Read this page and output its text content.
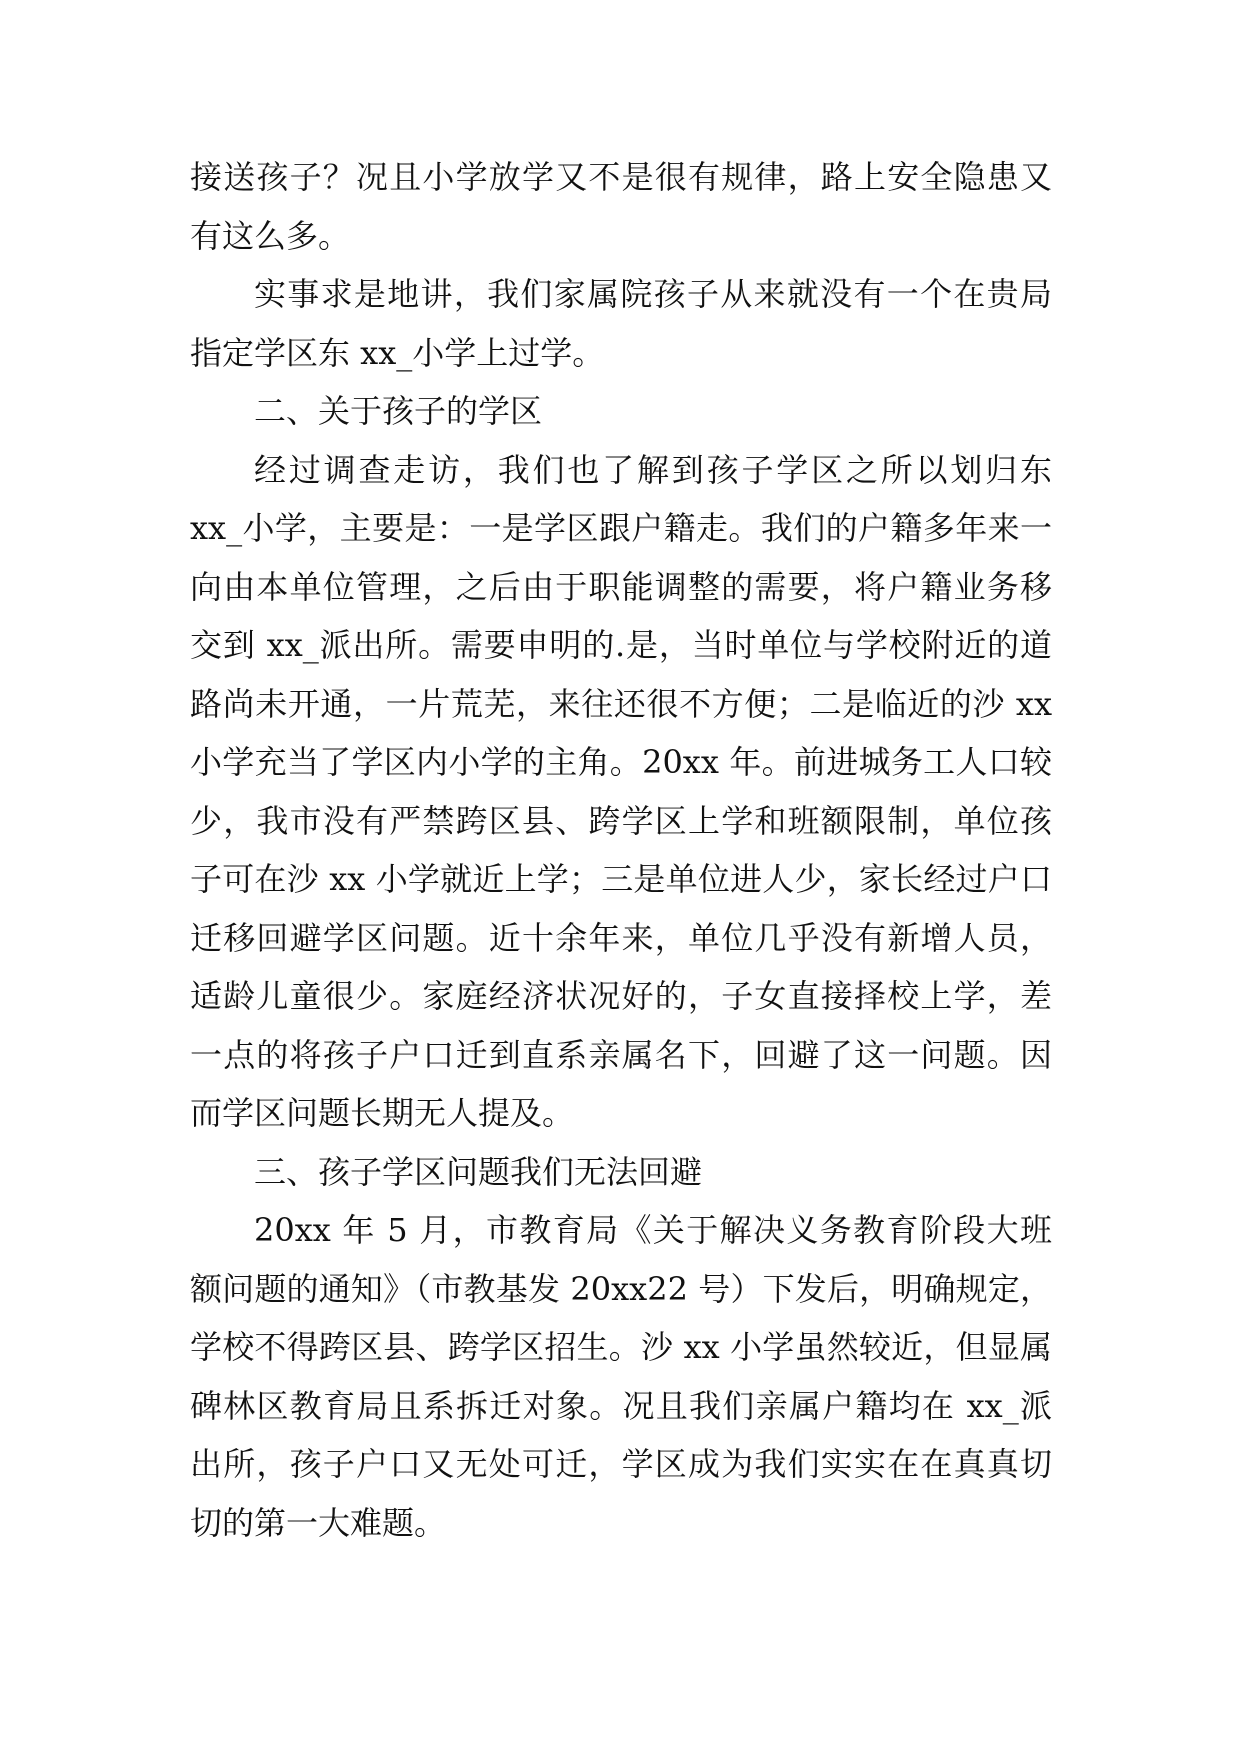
接送孩子？况且小学放学又不是很有规律，路上安全隐患又有这么多。

实事求是地讲，我们家属院孩子从来就没有一个在贵局指定学区东 xx_小学上过学。

二、关于孩子的学区

经过调查走访，我们也了解到孩子学区之所以划归东 xx_小学，主要是：一是学区跟户籍走。我们的户籍多年来一向由本单位管理，之后由于职能调整的需要，将户籍业务移交到 xx_派出所。需要申明的.是，当时单位与学校附近的道路尚未开通，一片荒芜，来往还很不方便；二是临近的沙 xx 小学充当了学区内小学的主角。20xx 年。前进城务工人口较少，我市没有严禁跨区县、跨学区上学和班额限制，单位孩子可在沙 xx 小学就近上学；三是单位进人少，家长经过户口迁移回避学区问题。近十余年来，单位几乎没有新增人员，适龄儿童很少。家庭经济状况好的，子女直接择校上学，差一点的将孩子户口迁到直系亲属名下，回避了这一问题。因而学区问题长期无人提及。

三、孩子学区问题我们无法回避

20xx 年 5 月，市教育局《关于解决义务教育阶段大班额问题的通知》（市教基发 20xx22 号）下发后，明确规定，学校不得跨区县、跨学区招生。沙 xx 小学虽然较近，但显属碑林区教育局且系拆迁对象。况且我们亲属户籍均在 xx_派出所，孩子户口又无处可迁，学区成为我们实实在在真真切切的第一大难题。
